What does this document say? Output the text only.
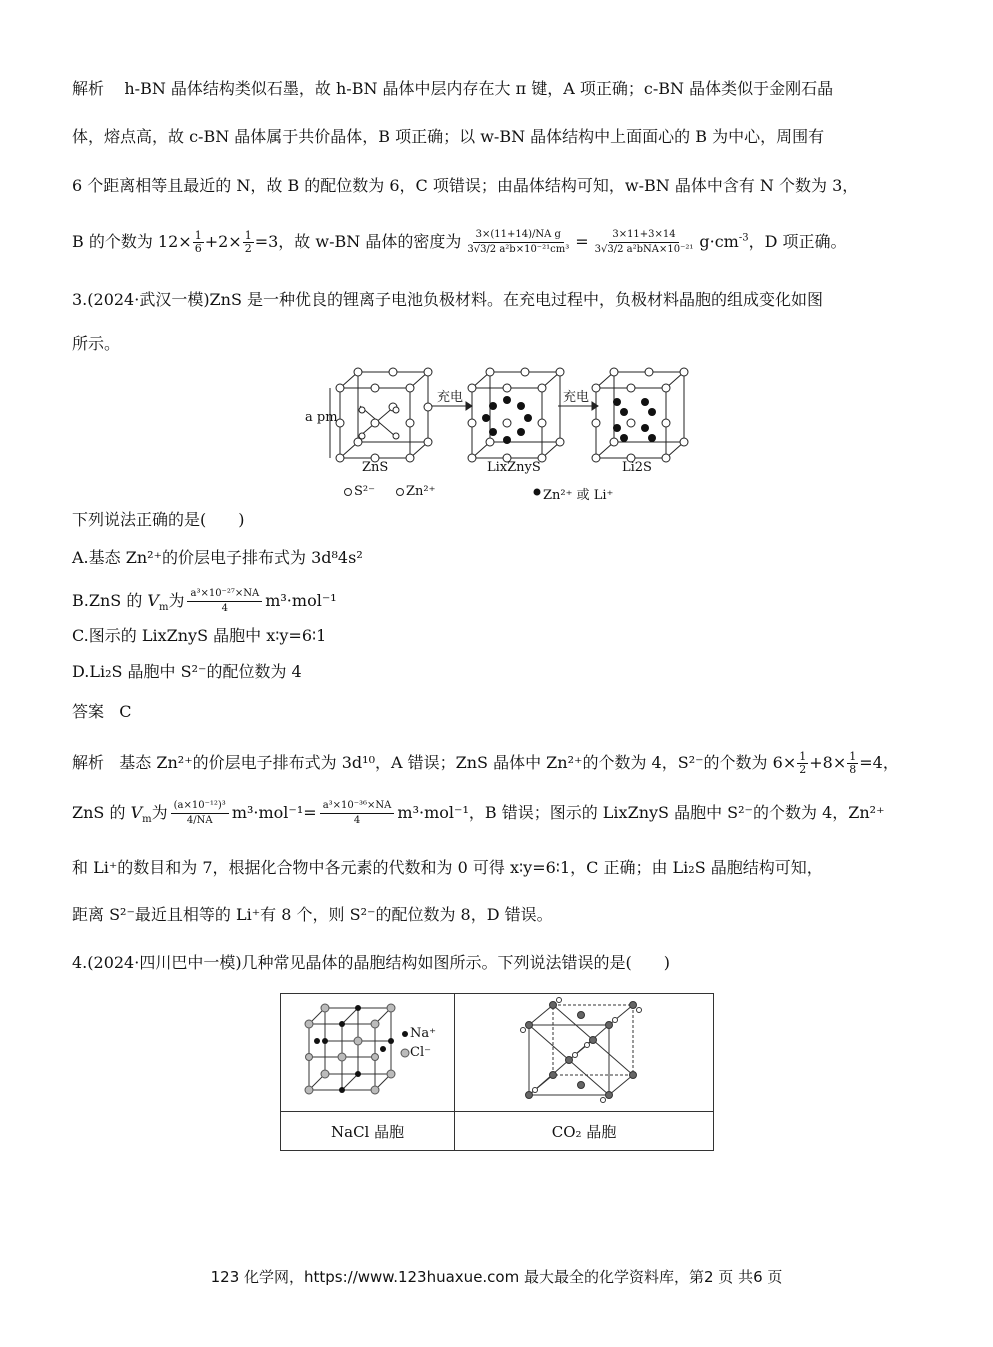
解析 h-BN 晶体结构类似石墨，故 h-BN 晶体中层内存在大 π 键，A 项正确；c-BN 晶体类似于金刚石晶
体，熔点高，故 c-BN 晶体属于共价晶体，B 项正确；以 w-BN 晶体结构中上面面心的 B 为中心，周围有
6 个距离相等且最近的 N，故 B 的配位数为 6，C 项错误；由晶体结构可知，w-BN 晶体中含有 N 个数为 3，
B 的个数为 $12\times \frac{1}{6} +2\times \frac{1}{2} =3$，故 w-BN 晶体的密度为 $\frac{\text{3×(11+14)/NA g}}{\text{3√3/2 a²b×10⁻²¹cm³}}$ =	3×11+3×14
3√3/2 a²bNA×10⁻²¹ $g\cdot cm^{-3}$，D 项正确。
3.(2024·武汉一模)ZnS 是一种优良的锂离子电池负极材料。在充电过程中，负极材料晶胞的组成变化如图
所示。
a pm
充电	充电
ZnS	LixZnyS	Li2S
S²⁻ Zn²⁺	Zn²⁺ 或 Li⁺
下列说法正确的是(　　)
A.基态 Zn²⁺的价层电子排布式为 3d⁸4s²
B.ZnS 的 $V_m$为 $\frac{\text{a³×10⁻²⁷×NA}}{4} m^3\cdot mol^{-1}$
C.图示的 LixZnyS 晶胞中 x∶y=6∶1
D.Li₂S 晶胞中 S²⁻的配位数为 4
答案 C
解析 基态 Zn²⁺的价层电子排布式为 3d¹⁰，A 错误；ZnS 晶体中 Zn²⁺的个数为 4，S²⁻的个数为 $6\times \frac{1}{2} +8\times \frac{1}{8} =4$，
ZnS 的 $V_m$为 $\frac{\text{(a×10⁻¹²)³}}{4/NA} m^3\cdot mol^{-1}= \frac{\text{a³×10⁻³⁶×NA}}{4} m^3\cdot mol^{-1}$，B 错误；图示的 LixZnyS 晶胞中 S²⁻的个数为 4，Zn²⁺
和 Li⁺的数目和为 7，根据化合物中各元素的代数和为 0 可得 x∶y=6∶1，C 正确；由 Li₂S 晶胞结构可知，
距离 S²⁻最近且相等的 Li⁺有 8 个，则 S²⁻的配位数为 8，D 错误。
4.(2024·四川巴中一模)几种常见晶体的晶胞结构如图所示。下列说法错误的是(　　)
Na⁺
Cl⁻

NaCl 晶胞	CO₂ 晶胞
123 化学网，https://www.123huaxue.com 最大最全的化学资料库，第2 页 共6 页
